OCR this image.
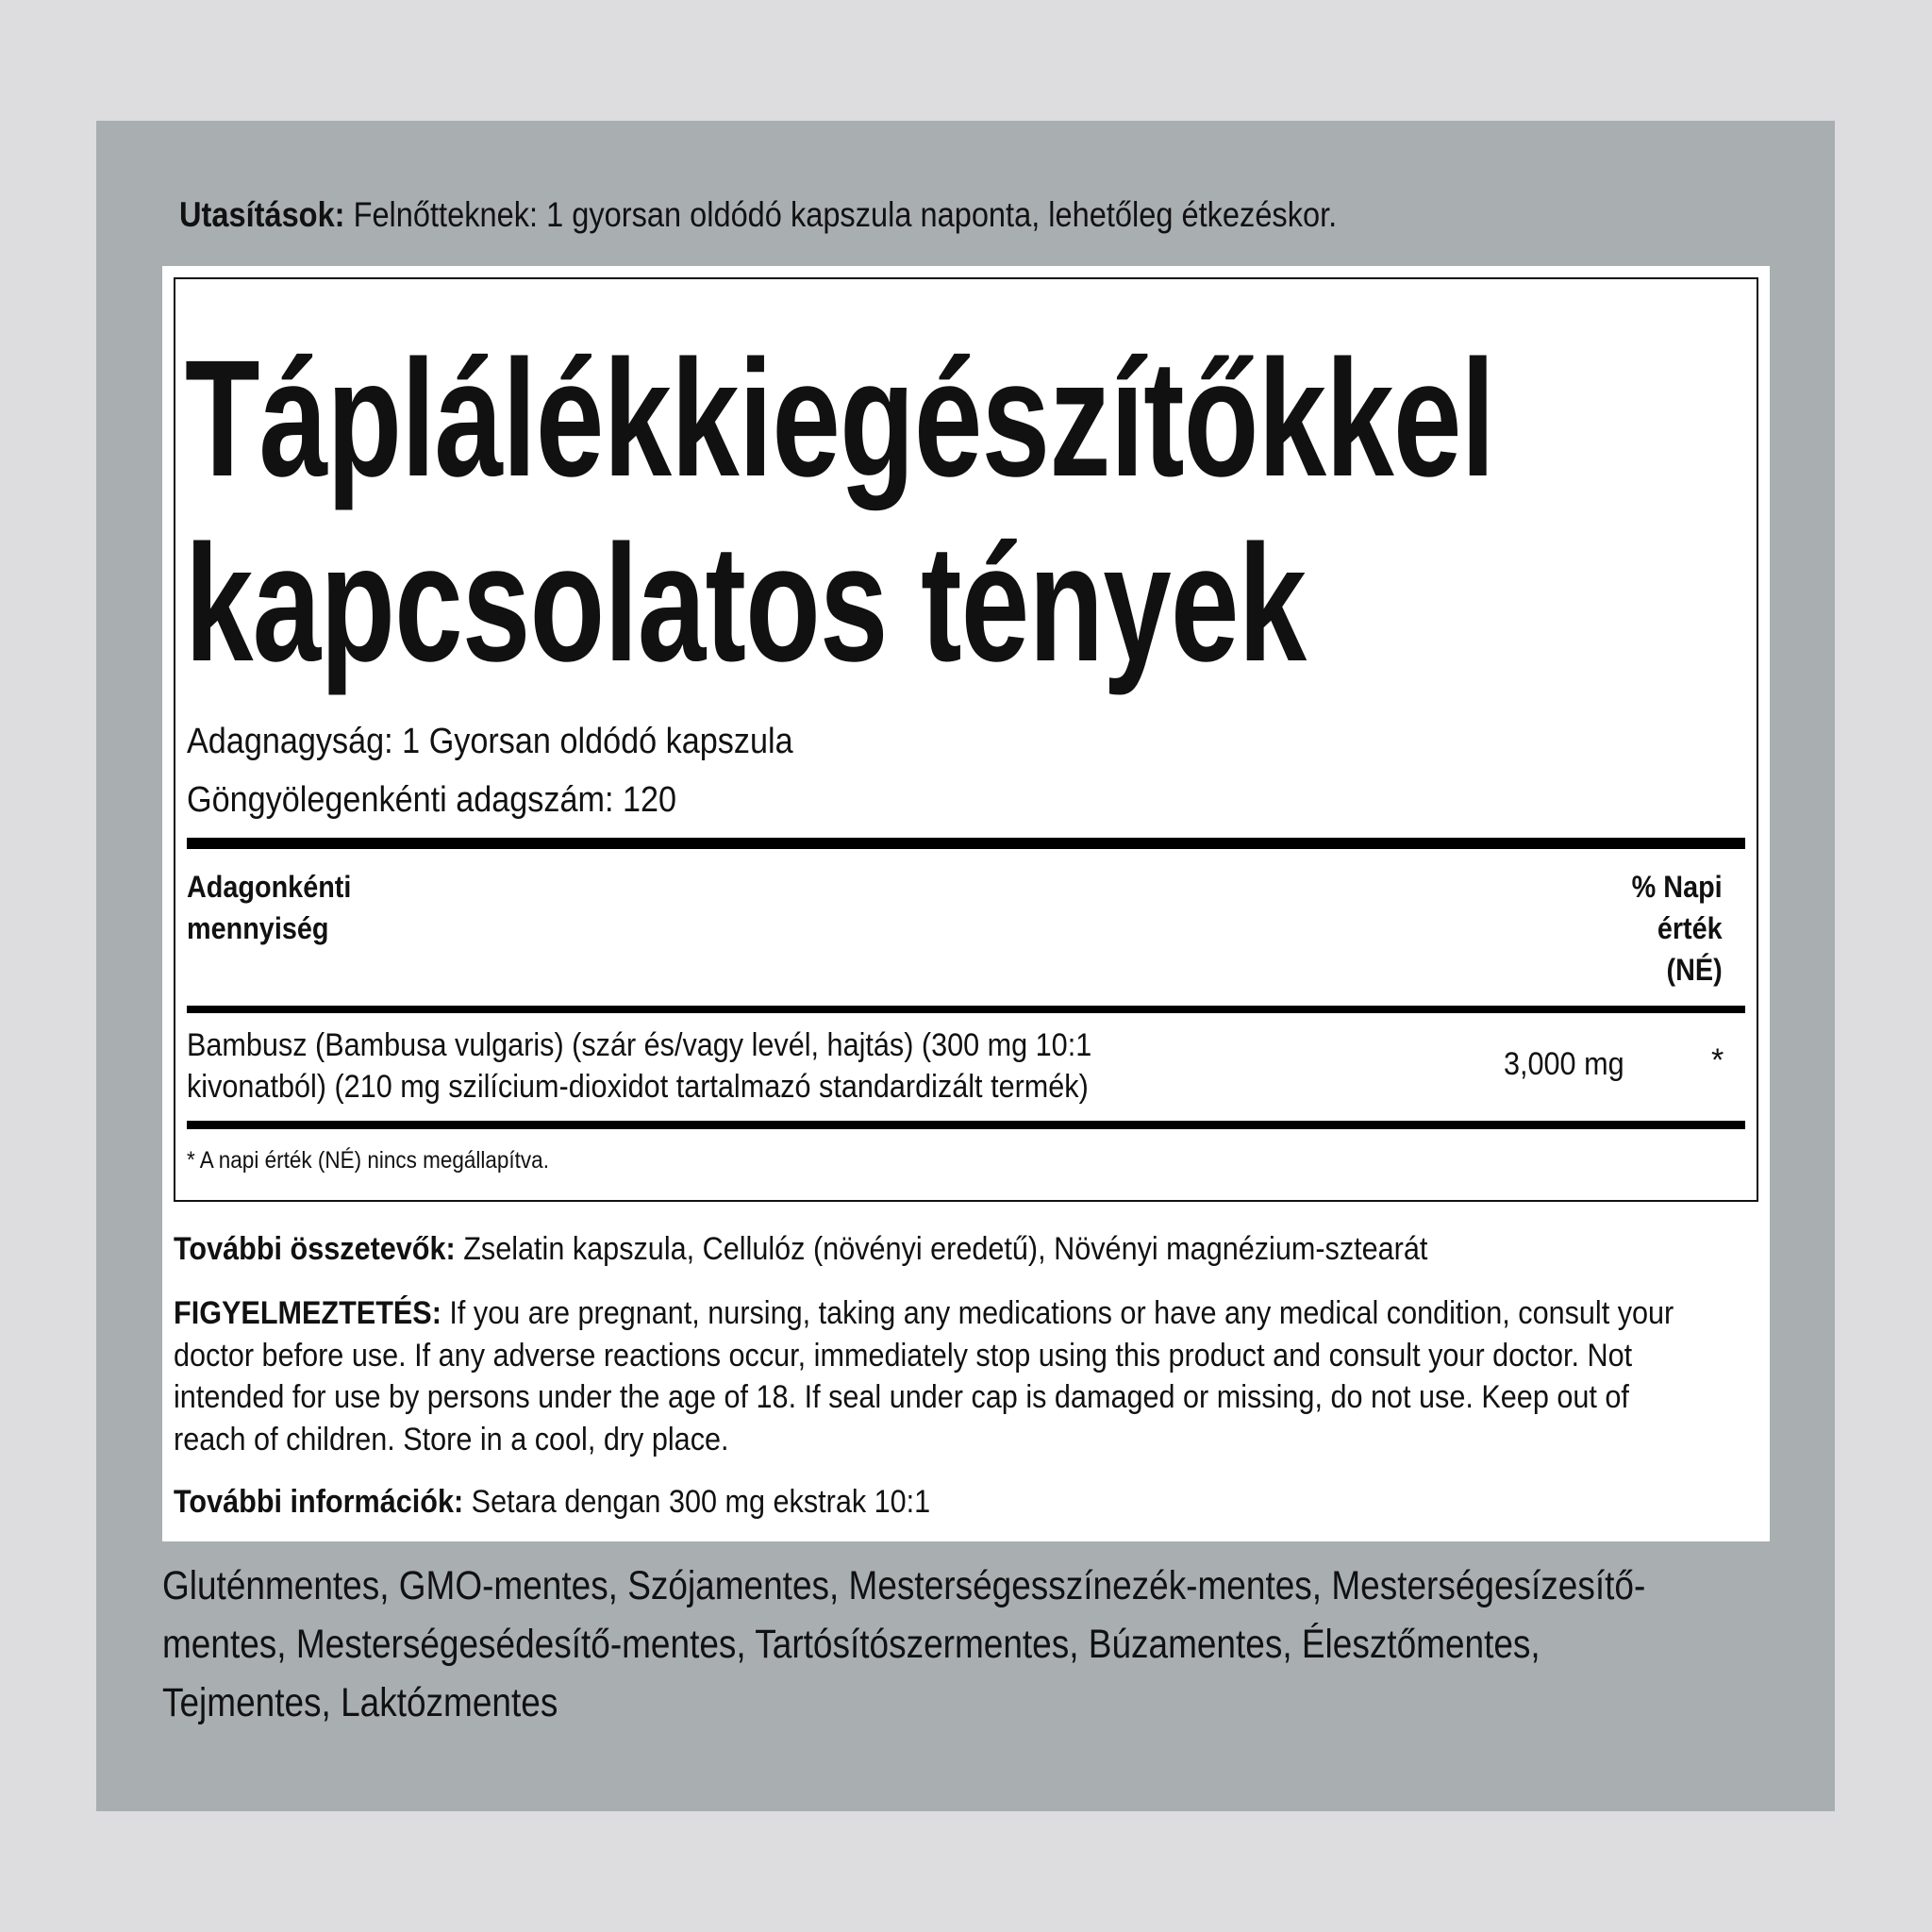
Utasítások: Felnőtteknek: 1 gyorsan oldódó kapszula naponta, lehetőleg étkezéskor.
Táplálékkiegészítőkkel
kapcsolatos tények
Adagnagyság: 1 Gyorsan oldódó kapszula
Göngyölegenkénti adagszám: 120
Adagonkénti
mennyiség
% Napi
érték
(NÉ)
Bambusz (Bambusa vulgaris) (szár és/vagy levél, hajtás) (300 mg 10:1
kivonatból) (210 mg szilícium-dioxidot tartalmazó standardizált termék)
3,000 mg	*
* A napi érték (NÉ) nincs megállapítva.
További összetevők: Zselatin kapszula, Cellulóz (növényi eredetű), Növényi magnézium-sztearát
FIGYELMEZTETÉS: If you are pregnant, nursing, taking any medications or have any medical condition, consult your doctor before use. If any adverse reactions occur, immediately stop using this product and consult your doctor. Not intended for use by persons under the age of 18. If seal under cap is damaged or missing, do not use. Keep out of reach of children. Store in a cool, dry place.
További információk: Setara dengan 300 mg ekstrak 10:1
Gluténmentes, GMO-mentes, Szójamentes, Mesterségesszínezék-mentes, Mesterségesízesítő-mentes, Mesterségesédesítő-mentes, Tartósítószermentes, Búzamentes, Élesztőmentes, Tejmentes, Laktózmentes
